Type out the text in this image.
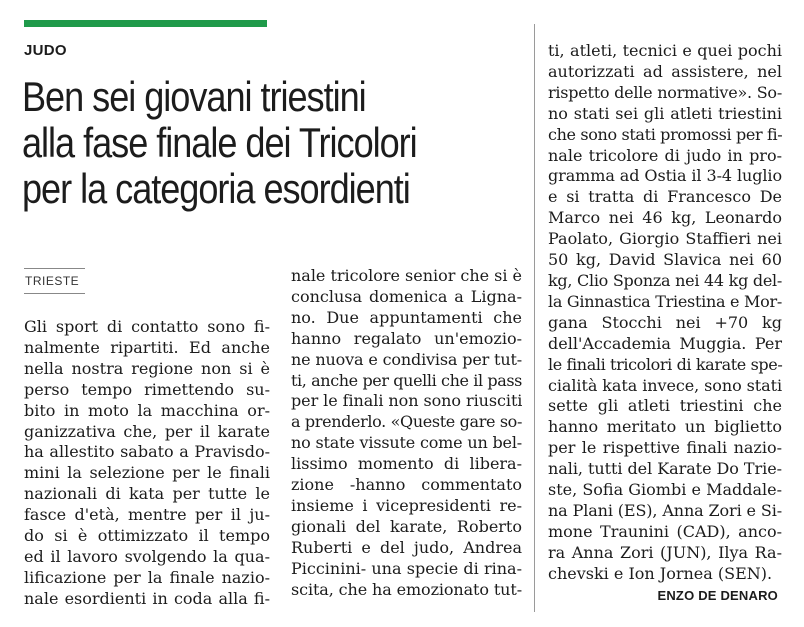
JUDO
Ben sei giovani triestini
alla fase finale dei Tricolori
per la categoria esordienti
TRIESTE
Gli sport di contatto sono fi-
nalmente ripartiti. Ed anche
nella nostra regione non si è
perso tempo rimettendo su-
bito in moto la macchina or-
ganizzativa che, per il karate
ha allestito sabato a Pravisdo-
mini la selezione per le finali
nazionali di kata per tutte le
fasce d'età, mentre per il ju-
do si è ottimizzato il tempo
ed il lavoro svolgendo la qua-
lificazione per la finale nazio-
nale esordienti in coda alla fi-
nale tricolore senior che si è
conclusa domenica a Ligna-
no. Due appuntamenti che
hanno regalato un'emozio-
ne nuova e condivisa per tut-
ti, anche per quelli che il pass
per le finali non sono riusciti
a prenderlo. «Queste gare so-
no state vissute come un bel-
lissimo momento di libera-
zione -hanno commentato
insieme i vicepresidenti re-
gionali del karate, Roberto
Ruberti e del judo, Andrea
Piccinini- una specie di rina-
scita, che ha emozionato tut-
ti, atleti, tecnici e quei pochi
autorizzati ad assistere, nel
rispetto delle normative». So-
no stati sei gli atleti triestini
che sono stati promossi per fi-
nale tricolore di judo in pro-
gramma ad Ostia il 3-4 luglio
e si tratta di Francesco De
Marco nei 46 kg, Leonardo
Paolato, Giorgio Staffieri nei
50 kg, David Slavica nei 60
kg, Clio Sponza nei 44 kg del-
la Ginnastica Triestina e Mor-
gana Stocchi nei +70 kg
dell'Accademia Muggia. Per
le finali tricolori di karate spe-
cialità kata invece, sono stati
sette gli atleti triestini che
hanno meritato un biglietto
per le rispettive finali nazio-
nali, tutti del Karate Do Trie-
ste, Sofia Giombi e Maddale-
na Plani (ES), Anna Zori e Si-
mone Traunini (CAD), anco-
ra Anna Zori (JUN), Ilya Ra-
chevski e Ion Jornea (SEN).
ENZO DE DENARO
